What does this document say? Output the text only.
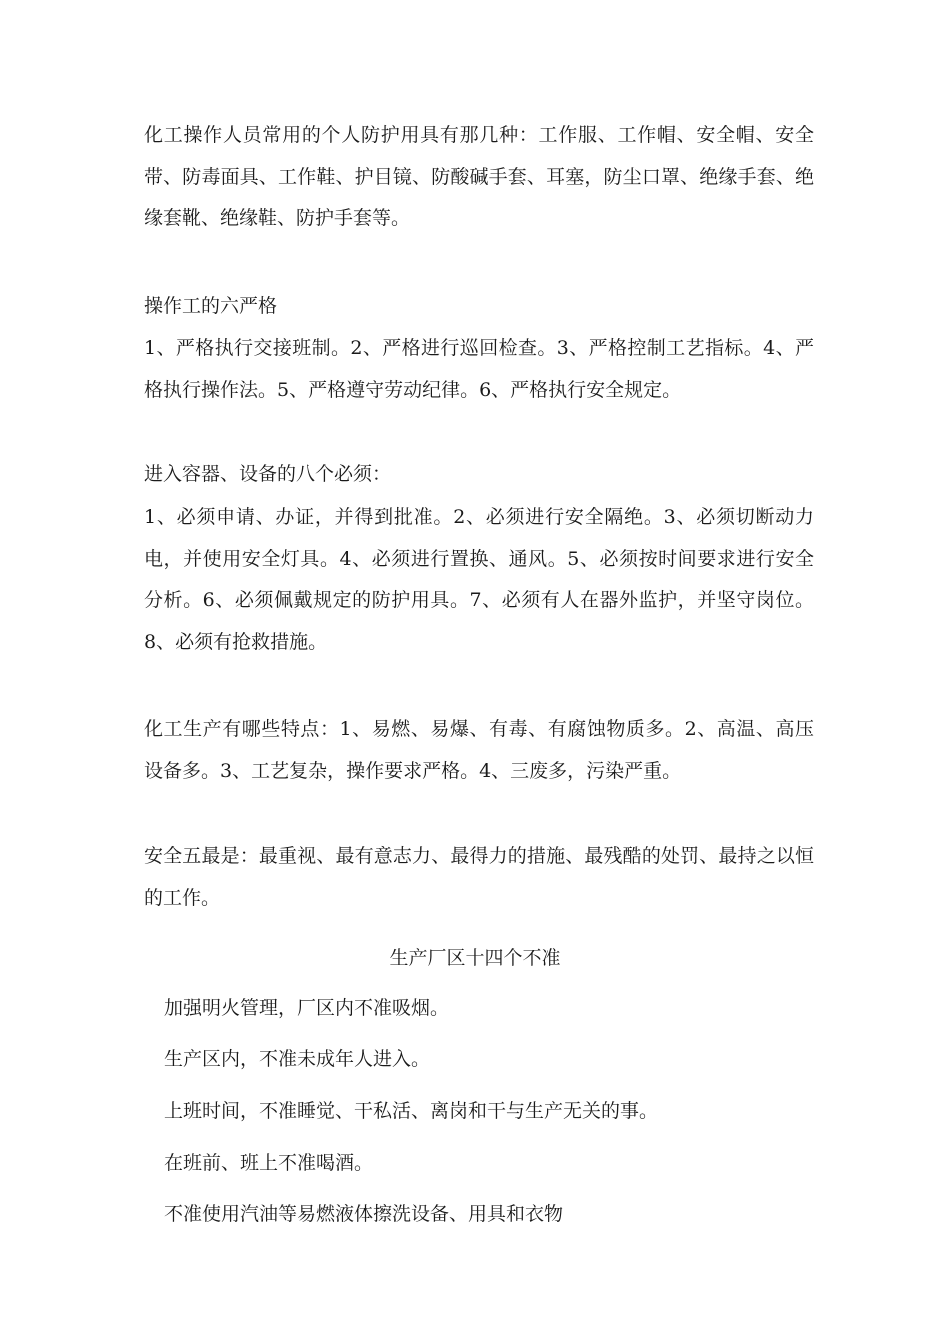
化工操作人员常用的个人防护用具有那几种：工作服、工作帽、安全帽、安全带、防毒面具、工作鞋、护目镜、防酸碱手套、耳塞，防尘口罩、绝缘手套、绝缘套靴、绝缘鞋、防护手套等。

操作工的六严格

1、严格执行交接班制。2、严格进行巡回检查。3、严格控制工艺指标。4、严格执行操作法。5、严格遵守劳动纪律。6、严格执行安全规定。

进入容器、设备的八个必须：

1、必须申请、办证，并得到批准。2、必须进行安全隔绝。3、必须切断动力电，并使用安全灯具。4、必须进行置换、通风。5、必须按时间要求进行安全分析。6、必须佩戴规定的防护用具。7、必须有人在器外监护，并坚守岗位。8、必须有抢救措施。

化工生产有哪些特点：1、易燃、易爆、有毒、有腐蚀物质多。2、高温、高压设备多。3、工艺复杂，操作要求严格。4、三废多，污染严重。

安全五最是：最重视、最有意志力、最得力的措施、最残酷的处罚、最持之以恒的工作。

生产厂区十四个不准

加强明火管理，厂区内不准吸烟。

生产区内，不准未成年人进入。

上班时间，不准睡觉、干私活、离岗和干与生产无关的事。

在班前、班上不准喝酒。

不准使用汽油等易燃液体擦洗设备、用具和衣物
